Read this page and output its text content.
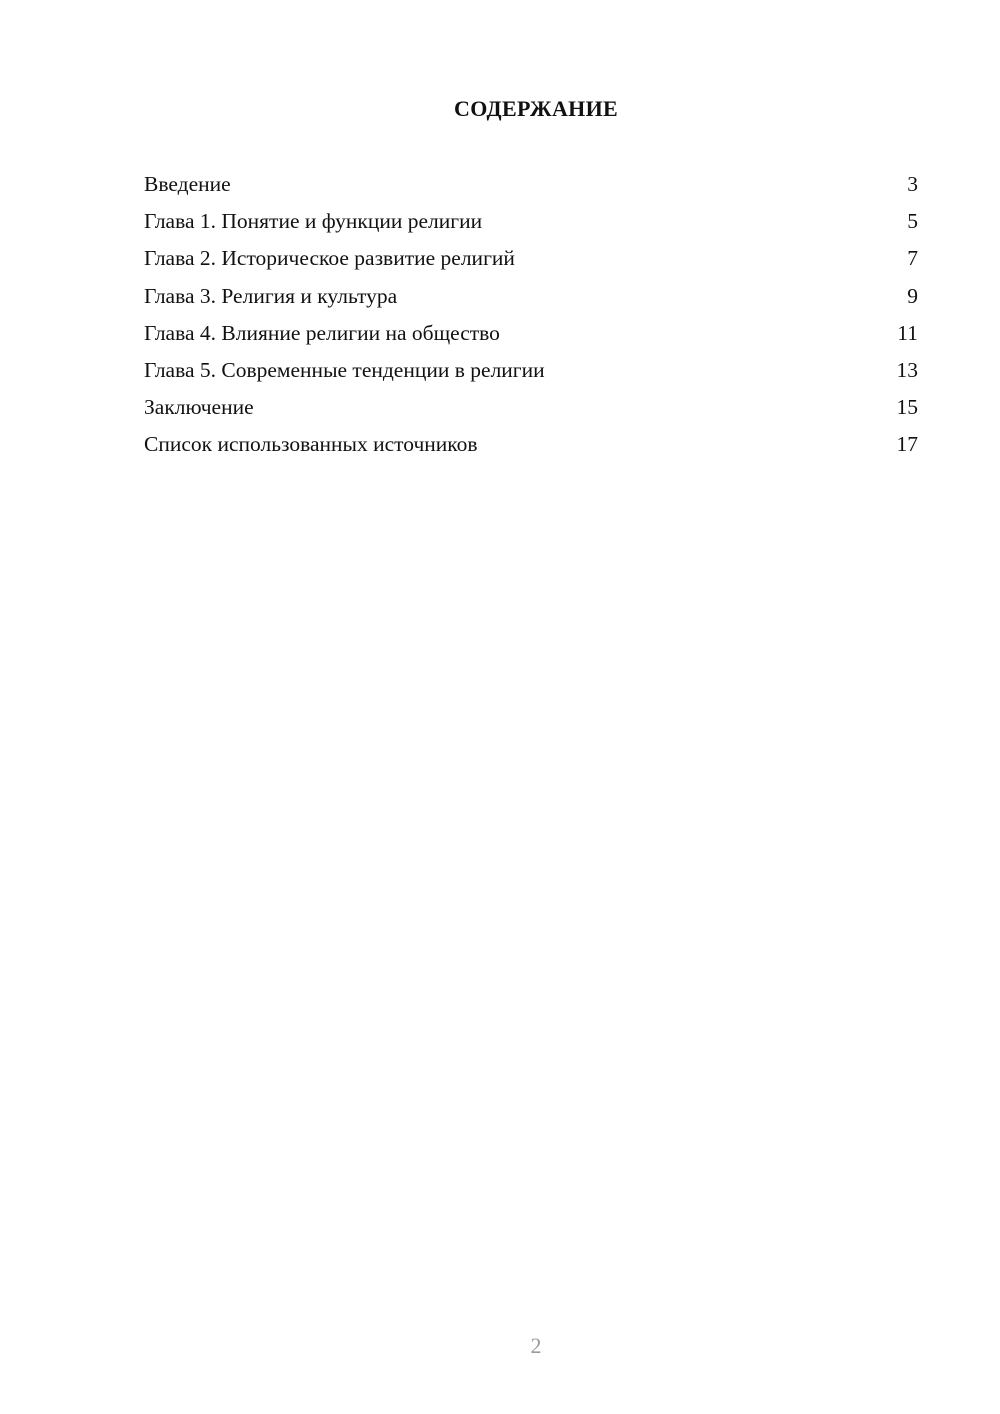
СОДЕРЖАНИЕ
Введение	3
Глава 1. Понятие и функции религии	5
Глава 2. Историческое развитие религий	7
Глава 3. Религия и культура	9
Глава 4. Влияние религии на общество	11
Глава 5. Современные тенденции в религии	13
Заключение	15
Список использованных источников	17
2
